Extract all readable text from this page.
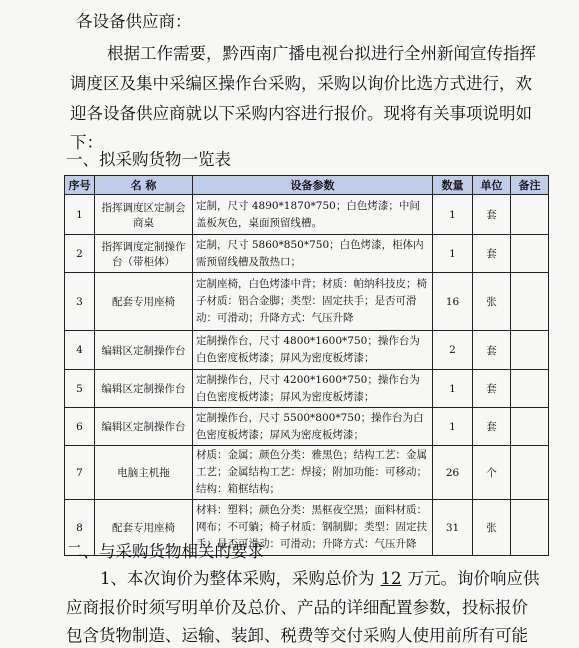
各设备供应商：
根据工作需要，黔西南广播电视台拟进行全州新闻宣传指挥
调度区及集中采编区操作台采购，采购以询价比选方式进行，欢
迎各设备供应商就以下采购内容进行报价。现将有关事项说明如
下：
一、拟采购货物一览表
序号	名 称	设备参数	数量	单位	备注
1	指挥调度区定制会商桌	定制，尺寸 4890*1870*750；白色烤漆；中间盖板灰色，桌面预留线槽。	1	套	
2	指挥调度定制操作台（带柜体）	定制，尺寸 5860*850*750；白色烤漆，柜体内需预留线槽及散热口；	1	套	
3	配套专用座椅	定制座椅，白色烤漆中背；材质：帕纳科技皮；椅子材质：铝合金脚；类型：固定扶手；是否可滑动：可滑动；升降方式：气压升降	16	张	
4	编辑区定制操作台	定制操作台，尺寸 4800*1600*750；操作台为白色密度板烤漆；屏风为密度板烤漆；	2	套	
5	编辑区定制操作台	定制操作台，尺寸 4200*1600*750；操作台为白色密度板烤漆；屏风为密度板烤漆；	1	套	
6	编辑区定制操作台	定制操作台，尺寸 5500*800*750；操作台为白色密度板烤漆；屏风为密度板烤漆；	1	套	
7	电脑主机拖	材质：金属；颜色分类：雅黑色；结构工艺：金属工艺；金属结构工艺：焊接；附加功能：可移动；结构：箱框结构；	26	个	
8	配套专用座椅	材料：塑料；颜色分类：黑框夜空黑；面料材质：网布；不可躺；椅子材质：钢制脚；类型：固定扶手；是否可滑动：可滑动；升降方式：气压升降	31	张	
二、与采购货物相关的要求
1、本次询价为整体采购，采购总价为 12 万元。询价响应供
应商报价时须写明单价及总价、产品的详细配置参数，投标报价
包含货物制造、运输、装卸、税费等交付采购人使用前所有可能
